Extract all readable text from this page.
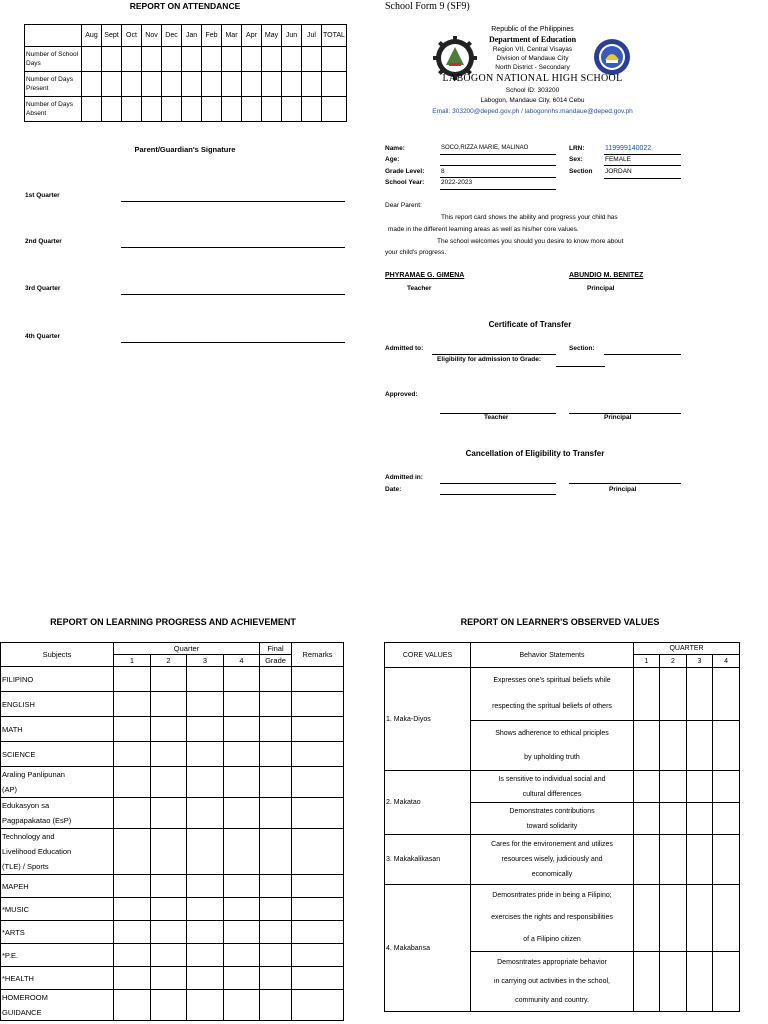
REPORT ON ATTENDANCE
	Aug	Sept	Oct	Nov	Dec	Jan	Feb	Mar	Apr	May	Jun	Jul	TOTAL
Number of School Days													
Number of Days Present													
Number of Days Absent													
Parent/Guardian's Signature
1st Quarter
2nd Quarter
3rd Quarter
4th Quarter
School Form 9 (SF9)
Republic of the Philippines
Department of Education
Region VII, Central Visayas
Division of Mandaue City
North District - Secondary
LABOGON NATIONAL HIGH SCHOOL
School ID: 303200
Labogon, Mandaue City, 6014 Cebu
Email: 303200@deped.gov.ph / labogonnhs.mandaue@deped.gov.ph
Name:	SOCO,RIZZA MARIE, MALINAO
Age:
Grade Level:	8
School Year:	2022-2023
LRN:	119999140022
Sex:	FEMALE
Section JORDAN
Dear Parent:
This report card shows the ability and progress your child has
made in the different learning areas as well as his/her core values.
The school welcomes you should you desire to know more about
your child's progress.
PHYRAMAE G. GIMENA
Teacher
ABUNDIO M. BENITEZ
Principal
Certificate of Transfer
Admitted to:	Section:
Eligibility for admission to Grade:
Approved:
Teacher	Principal
Cancellation of Eligibility to Transfer
Admitted in:
Date:	Principal
REPORT ON LEARNING PROGRESS AND ACHIEVEMENT
Subjects	Quarter				Final	Remarks
	1	2	3	4	Grade	

FILIPINO						

ENGLISH						

MATH						

SCIENCE						

Araling Panlipunan
(AP)						

Edukasyon sa
Pagpapakatao (EsP)						

Technology and
Livelihood Education
(TLE) / Sports						

MAPEH						

*MUSIC						

*ARTS						

*P.E.						

*HEALTH						

HOMEROOM
GUIDANCE						

REPORT ON LEARNER'S OBSERVED VALUES
CORE VALUES	Behavior Statements	QUARTER			
		1	2	3	4
1. Maka-Diyos	Expresses one's spiritual beliefs while
respecting the spritual beliefs of others				

	Shows adherence to ethical priciples
by upholding truth				

2. Makatao	Is sensitive to individual social and
cultural differences				

	Demonstrates contributions
toward solidarity				

3. Makakalikasan	Cares for the environement and utilizes
resources wisely, judiciously and
economically				

4. Makabansa	Demosntrates pride in being a Filipino;
exercises the rights and responsibilities
of a Filipino citizen				

	Demosntrates appropriate behavior
in carrying out activities in the school,
community and country.				
